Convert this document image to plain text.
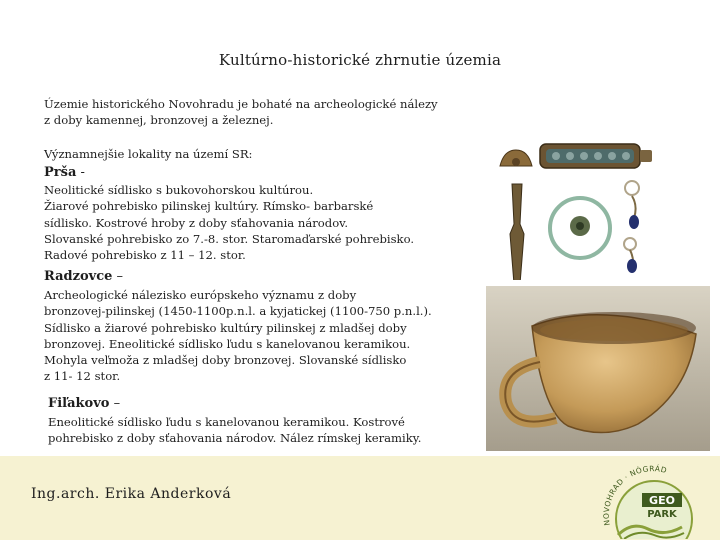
Kultúrno-historické zhrnutie územia
Územie historického Novohradu je bohaté na archeologické nálezy
z doby kamennej, bronzovej a železnej.
Významnejšie lokality na území SR:
Prša -
Neolitické sídlisko s bukovohorskou kultúrou.
Žiarové pohrebisko pilinskej kultúry. Rímsko- barbarské
sídlisko. Kostrové hroby z doby sťahovania národov.
Slovanské pohrebisko zo 7.-8. stor. Staromaďarské pohrebisko.
Radové pohrebisko z 11 – 12. stor.
Radzovce –
Archeologické nálezisko európskeho významu z doby
bronzovej-pilinskej (1450-1100p.n.l. a kyjatickej (1100-750 p.n.l.).
Sídlisko a žiarové pohrebisko kultúry pilinskej z mladšej doby
bronzovej. Eneolitické sídlisko ľudu s kanelovanou keramikou.
Mohyla veľmoža z mladšej doby bronzovej. Slovanské sídlisko
z 11- 12 stor.
Fiľakovo –
Eneolitické sídlisko ľudu s kanelovanou keramikou. Kostrové
pohrebisko z doby sťahovania národov. Nález rímskej keramiky.
Ing.arch. Erika Anderková
NOVOHRAD · NÓGRÁD
GEO
PARK
